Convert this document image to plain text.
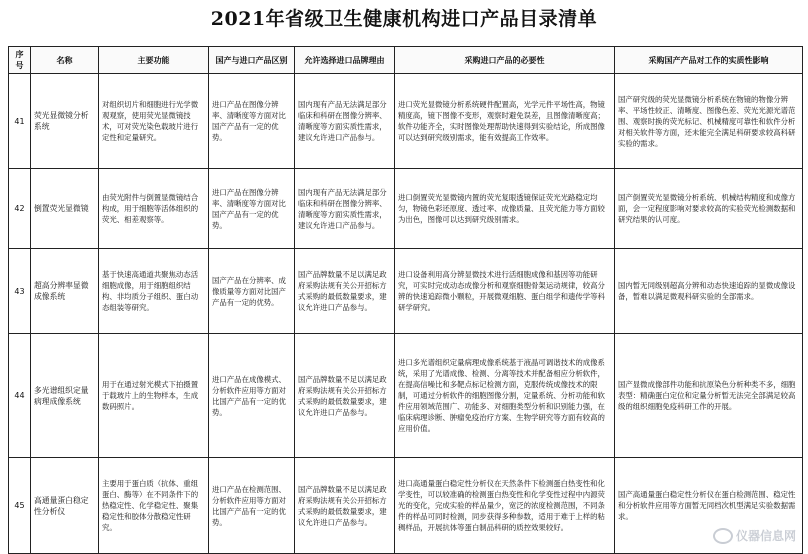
2021年省级卫生健康机构进口产品目录清单
序号	名称	主要功能	国产与进口产品区别	允许选择进口品牌理由	采购进口产品的必要性	采购国产产品对工作的实质性影响
41	荧光显微镜分析系统	对组织切片和细胞进行光学微观观察，使用荧光显微镜技术，可对荧光染色载玻片进行定性和定量研究。	进口产品在图像分辨率、清晰度等方面对比国产产品有一定的优势。	国内现有产品无法满足部分临床和科研在图像分辨率、清晰度等方面实质性需求，建议允许进口产品参与。	进口荧光显微镜分析系统硬件配置高，光学元件平场性高，物镜精度高，镜下图像不变形，观察时避免误差，且图像清晰度高；软件功能齐全，实时图像处理帮助快速得到实验结论，所成图像可以达到研究级别需求，能有效提高工作效率。	国产研究级的荧光显微镜分析系统在物镜的物像分辨率、平场性较正、清晰度、图像色差、荧光光源光谱范围、观察时换的荧光标记、机械精度可靠性和软件分析对相关软件等方面，还未能完全满足科研要求较高科研实验的需求。
42	倒置荧光显微镜	由荧光附件与倒置显微镜结合构成，用于细胞等活体组织的荧光、相差观察等。	进口产品在图像分辨率、清晰度等方面对比国产产品有一定的优势。	国内现有产品无法满足部分临床和科研在图像分辨率、清晰度等方面实质性需求，建议允许进口产品参与。	进口倒置荧光显微镜内置的荧光复眼透镜保证荧光光路稳定均匀，物镜色彩还原度、透过率、成像质量、且荧光能力等方面较为出色，图像可以达到研究级别需求。	国产倒置荧光显微镜分析系统、机械结构精度和成像方面，会一定程度影响对要求较高的实验荧光检测数据和研究结果的认可度。
43	超高分辨率显微成像系统	基于快速高通道共聚焦动态活细胞成像，用于细胞组织结构、非均质分子组织、蛋白动态组装等研究。	国产产品在分辨率、成像质量等方面对比国产产品有一定的优势。	国产品牌数量不足以满足政府采购法规有关公开招标方式采购的最低数量要求，建议允许进口产品参与。	进口设备利用高分辨显微技术进行活细胞成像和基因等功能研究，可实时完成动态成像分析和观察细胞骨架运动规律，较高分辨的快速追踪微小颗粒，开展微观细胞、蛋白组学和遗传学等科研学研究。	国内暂无同级别超高分辨和动态快速追踪的显微成像设备，暂难以满足微观科研实验的全部需求。
44	多光谱组织定量病理成像系统	用于在通过射光模式下拍摄置于载玻片上的生物样本，生成数码照片。	进口产品在成像模式、分析软件应用等方面对比国产产品有一定的优势。	国产品牌数量不足以满足政府采购法规有关公开招标方式采购的最低数量要求，建议允许进口产品参与。	进口多光谱组织定量病理成像系统基于液晶可调谐技术的成像系统，采用了光谱成像、检测、分离等技术并配备相应分析软件，在提高信噪比和多靶点标记检测方面，克服传统成像技术的限制，可通过分析软件的细胞图像分割，定量系统、分析功能和软件应用领域范围广、功能多、对细胞类型分析和识别能力强，在临床病理诊断、肿瘤免疫治疗方案、生物学研究等方面有较高的应用价值。	国产显微成像部件功能和抗原染色分析种类不多，细胞表型：精确蛋白定位和定量分析暂无法完全部满足较高级的组织细胞免疫科研工作的开展。
45	高通量蛋白稳定性分析仪	主要用于蛋白质（抗体、重组蛋白、酶等）在不同条件下的热稳定性、化学稳定性、聚集稳定性和胶体分散稳定性研究。	进口产品在检测范围、分析软件应用等方面对比国产产品有一定的优势。	国产品牌数量不足以满足政府采购法规有关公开招标方式采购的最低数量要求，建议允许进口产品参与。	进口高通量蛋白稳定性分析仪在天然条件下检测蛋白热变性和化学变性，可以较准确的检测蛋白热变性和化学变性过程中内源荧光的变化，完成实验的样品量少，宽泛的浓度检测范围，不同条件的样品可同时检测，同步获得多种参数，适用于难于上样的粘稠样品，开展抗体等蛋白制品科研的质控效果较好。	国产高通量蛋白稳定性分析仪在蛋白检测范围、稳定性和分析软件应用等方面暂无同档次机型满足实验数据需求。
仪器信息网
